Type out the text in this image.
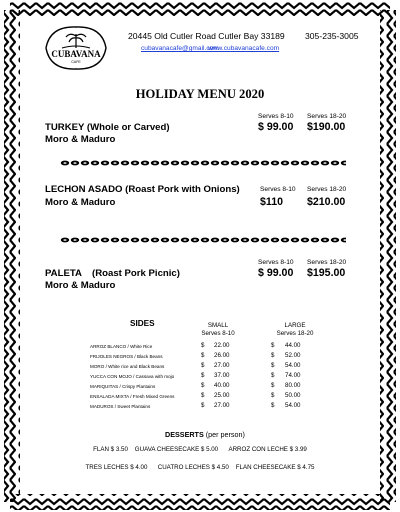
CUBAVANA
CAFE

20445 Old Cutler Road Cutler Bay 33189 305-235-3005

cubavanacafe@gmail.com
www.cubavanacafe.com
HOLIDAY MENU 2020

Serves 8-10 Serves 18-20

TURKEY (Whole or Carved)	$ 99.00 $190.00

Moro & Maduro

Serves 8-10 Serves 18-20

LECHON ASADO (Roast Pork with Onions)

$110 $210.00

Moro & Maduro

Serves 8-10 Serves 18-20

PALETA (Roast Pork Picnic)	$ 99.00 $195.00

Moro & Maduro

SIDES	SMALL

Serves 8-10

LARGE

Serves 18-20

ARROZ BLANCO / White Rice	$ 22.00	$ 44.00

FRIJOLES NEGROS / Black Beans	$ 26.00	$ 52.00

MORO / White rice and Black Beans	$ 27.00	$ 54.00

YUCCA CON MOJO / Cassava with mojo	$ 37.00	$ 74.00

MARIQUITAS / Crispy Plantains	$ 40.00	$ 80.00

ENSALADA MIXTA / Fresh Mixed Greens	$ 25.00	$ 50.00

MADUROS / Sweet Plantains	$ 27.00	$ 54.00

DESSERTS (per person)

FLAN $ 3.50 GUAVA CHEESECAKE $ 5.00 ARROZ CON LECHE $ 3.99

TRES LECHES $ 4.00 CUATRO LECHES $ 4.50 FLAN CHEESECAKE $ 4.75
